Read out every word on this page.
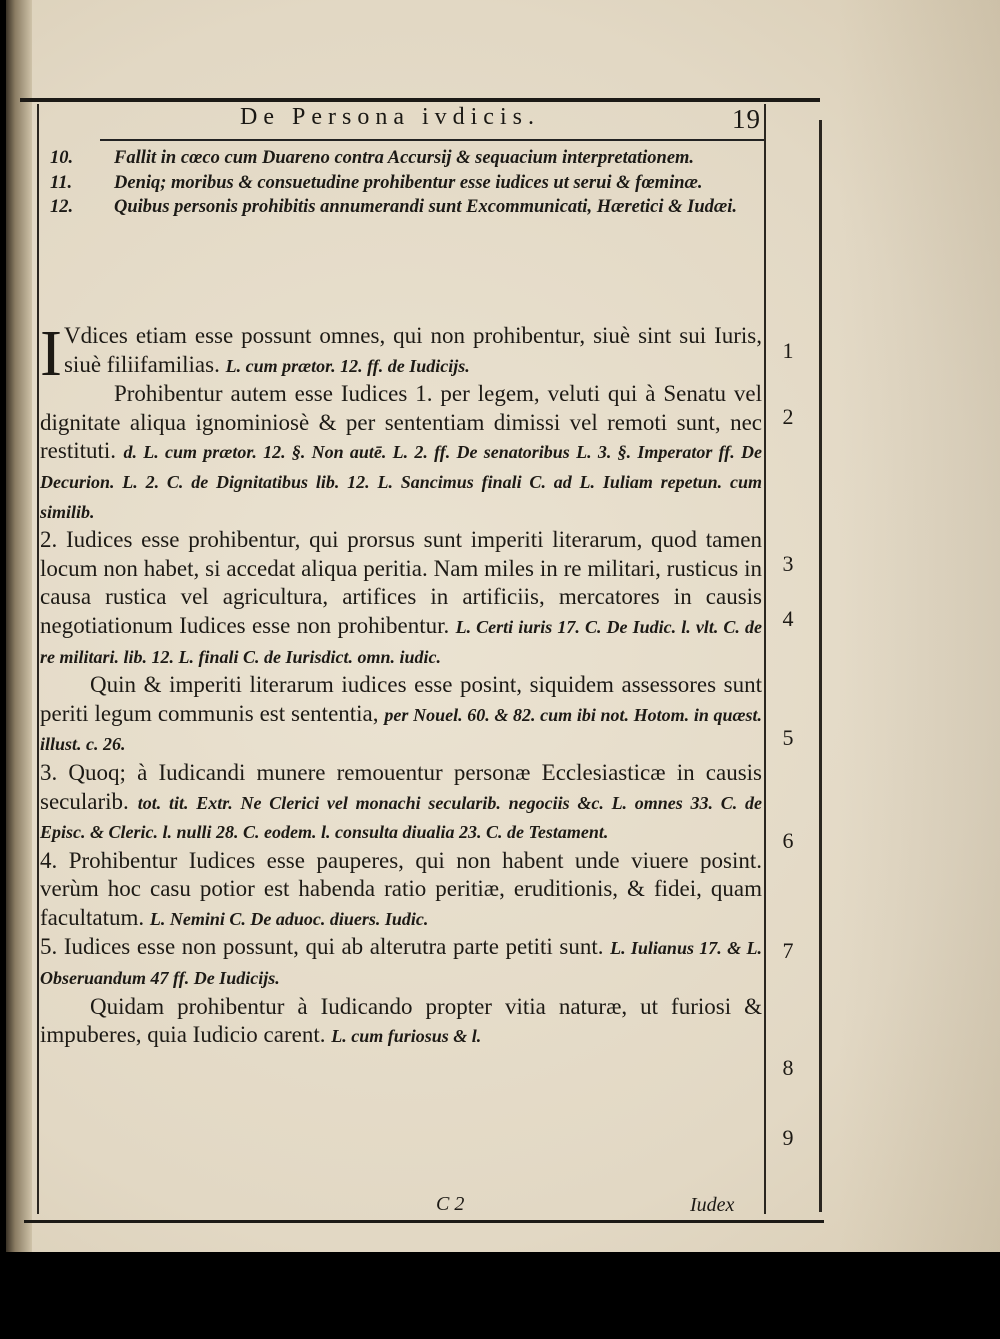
De Persona ivdicis.	19
10.	Fallit in cœco cum Duareno contra Accursij & sequacium interpretationem.
11.	Deniq; moribus & consuetudine prohibentur esse iudices ut serui & fœminæ.
12.	Quibus personis prohibitis annumerandi sunt Excommunicati, Hæretici & Iudæi.

I Vdices etiam esse possunt omnes, qui non prohibentur, siuè sint sui Iuris, siuè filiifamilias. L. cum prætor. 12. ff. de Iudicijs.

Prohibentur autem esse Iudices 1. per legem, veluti qui à Senatu vel dignitate aliqua ignominiosè & per sententiam dimissi vel remoti sunt, nec restituti. d. L. cum prætor. 12. §. Non autē. L. 2. ff. De senatoribus L. 3. §. Imperator ff. De Decurion. L. 2. C. de Dignitatibus lib. 12. L. Sancimus finali C. ad L. Iuliam repetun. cum similib.

2. Iudices esse prohibentur, qui prorsus sunt imperiti literarum, quod tamen locum non habet, si accedat aliqua peritia. Nam miles in re militari, rusticus in causa rustica vel agricultura, artifices in artificiis, mercatores in causis negotiationum Iudices esse non prohibentur. L. Certi iuris 17. C. De Iudic. l. vlt. C. de re militari. lib. 12. L. finali C. de Iurisdict. omn. iudic.

Quin & imperiti literarum iudices esse posint, siquidem assessores sunt periti legum communis est sententia, per Nouel. 60. & 82. cum ibi not. Hotom. in quæst. illust. c. 26.

3. Quoq; à Iudicandi munere remouentur personæ Ecclesiasticæ in causis secularib. tot. tit. Extr. Ne Clerici vel monachi secularib. negociis &c. L. omnes 33. C. de Episc. & Cleric. l. nulli 28. C. eodem. l. consulta diualia 23. C. de Testament.

4. Prohibentur Iudices esse pauperes, qui non habent unde viuere posint. verùm hoc casu potior est habenda ratio peritiæ, eruditionis, & fidei, quam facultatum. L. Nemini C. De aduoc. diuers. Iudic.

5. Iudices esse non possunt, qui ab alterutra parte petiti sunt. L. Iulianus 17. & L. Obseruandum 47 ff. De Iudicijs.

Quidam prohibentur à Iudicando propter vitia naturæ, ut furiosi & impuberes, quia Iudicio carent. L. cum furiosus & l.

1
2
3
4
5
6
7
8
9
C 2	Iudex
